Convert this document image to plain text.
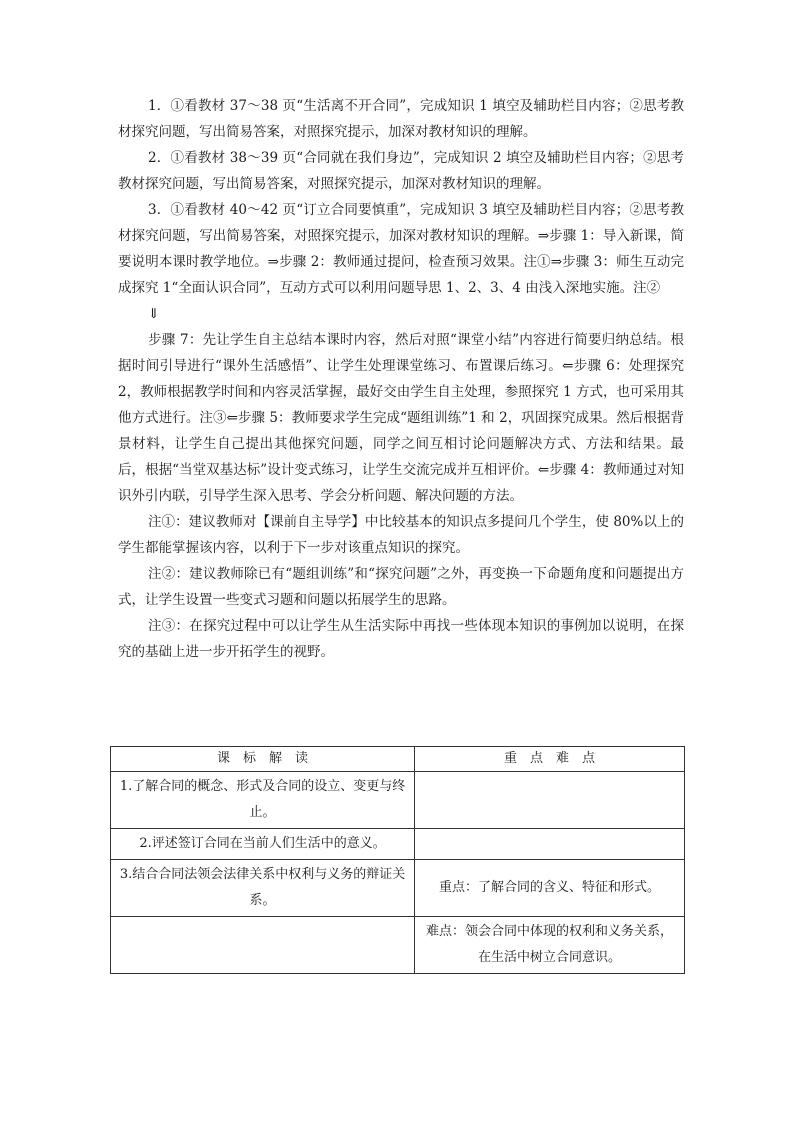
1．①看教材 37～38 页“生活离不开合同”，完成知识 1 填空及辅助栏目内容；②思考教材探究问题，写出简易答案，对照探究提示，加深对教材知识的理解。

2．①看教材 38～39 页“合同就在我们身边”，完成知识 2 填空及辅助栏目内容；②思考教材探究问题，写出简易答案，对照探究提示，加深对教材知识的理解。

3．①看教材 40～42 页“订立合同要慎重”，完成知识 3 填空及辅助栏目内容；②思考教材探究问题，写出简易答案，对照探究提示，加深对教材知识的理解。⇒步骤 1：导入新课，简要说明本课时教学地位。⇒步骤 2：教师通过提问，检查预习效果。注①⇒步骤 3：师生互动完成探究 1“全面认识合同”，互动方式可以利用问题导思 1、2、3、4 由浅入深地实施。注②

⇓

步骤 7：先让学生自主总结本课时内容，然后对照“课堂小结”内容进行简要归纳总结。根据时间引导进行“课外生活感悟”、让学生处理课堂练习、布置课后练习。⇐步骤 6：处理探究 2，教师根据教学时间和内容灵活掌握，最好交由学生自主处理，参照探究 1 方式，也可采用其他方式进行。注③⇐步骤 5：教师要求学生完成“题组训练”1 和 2，巩固探究成果。然后根据背景材料，让学生自己提出其他探究问题，同学之间互相讨论问题解决方式、方法和结果。最后，根据“当堂双基达标”设计变式练习，让学生交流完成并互相评价。⇐步骤 4：教师通过对知识外引内联，引导学生深入思考、学会分析问题、解决问题的方法。

注①：建议教师对【课前自主导学】中比较基本的知识点多提问几个学生，使 80%以上的学生都能掌握该内容，以利于下一步对该重点知识的探究。

注②：建议教师除已有“题组训练”和“探究问题”之外，再变换一下命题角度和问题提出方式，让学生设置一些变式习题和问题以拓展学生的思路。

注③：在探究过程中可以让学生从生活实际中再找一些体现本知识的事例加以说明，在探究的基础上进一步开拓学生的视野。

课　标　解　读	重　点　难　点
1.了解合同的概念、形式及合同的设立、变更与终止。	
2.评述签订合同在当前人们生活中的意义。	
3.结合合同法领会法律关系中权利与义务的辩证关系。	重点：了解合同的含义、特征和形式。
	难点：领会合同中体现的权利和义务关系，在生活中树立合同意识。
